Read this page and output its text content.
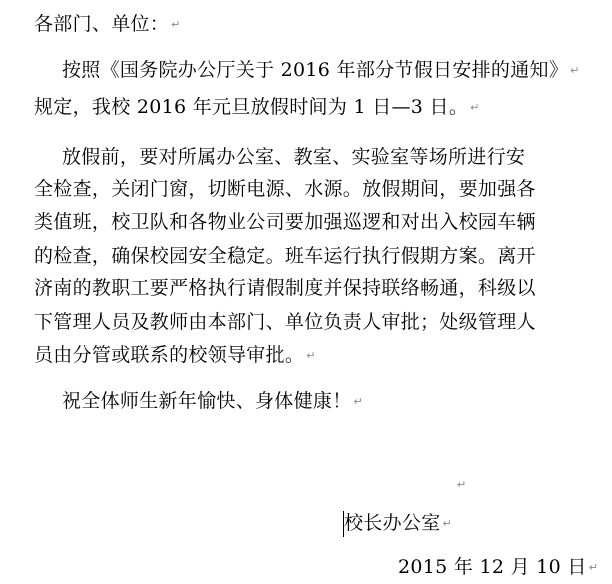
各部门、单位： ↵
按照《国务院办公厅关于 2016 年部分节假日安排的通知》 ↵
规定，我校 2016 年元旦放假时间为 1 日—3 日。 ↵
放假前，要对所属办公室、教室、实验室等场所进行安
全检查，关闭门窗，切断电源、水源。放假期间，要加强各
类值班，校卫队和各物业公司要加强巡逻和对出入校园车辆
的检查，确保校园安全稳定。班车运行执行假期方案。离开
济南的教职工要严格执行请假制度并保持联络畅通，科级以
下管理人员及教师由本部门、单位负责人审批；处级管理人
员由分管或联系的校领导审批。 ↵
祝全体师生新年愉快、身体健康！ ↵
↵
校长办公室 ↵
2015 年 12 月 10 日 ↵
